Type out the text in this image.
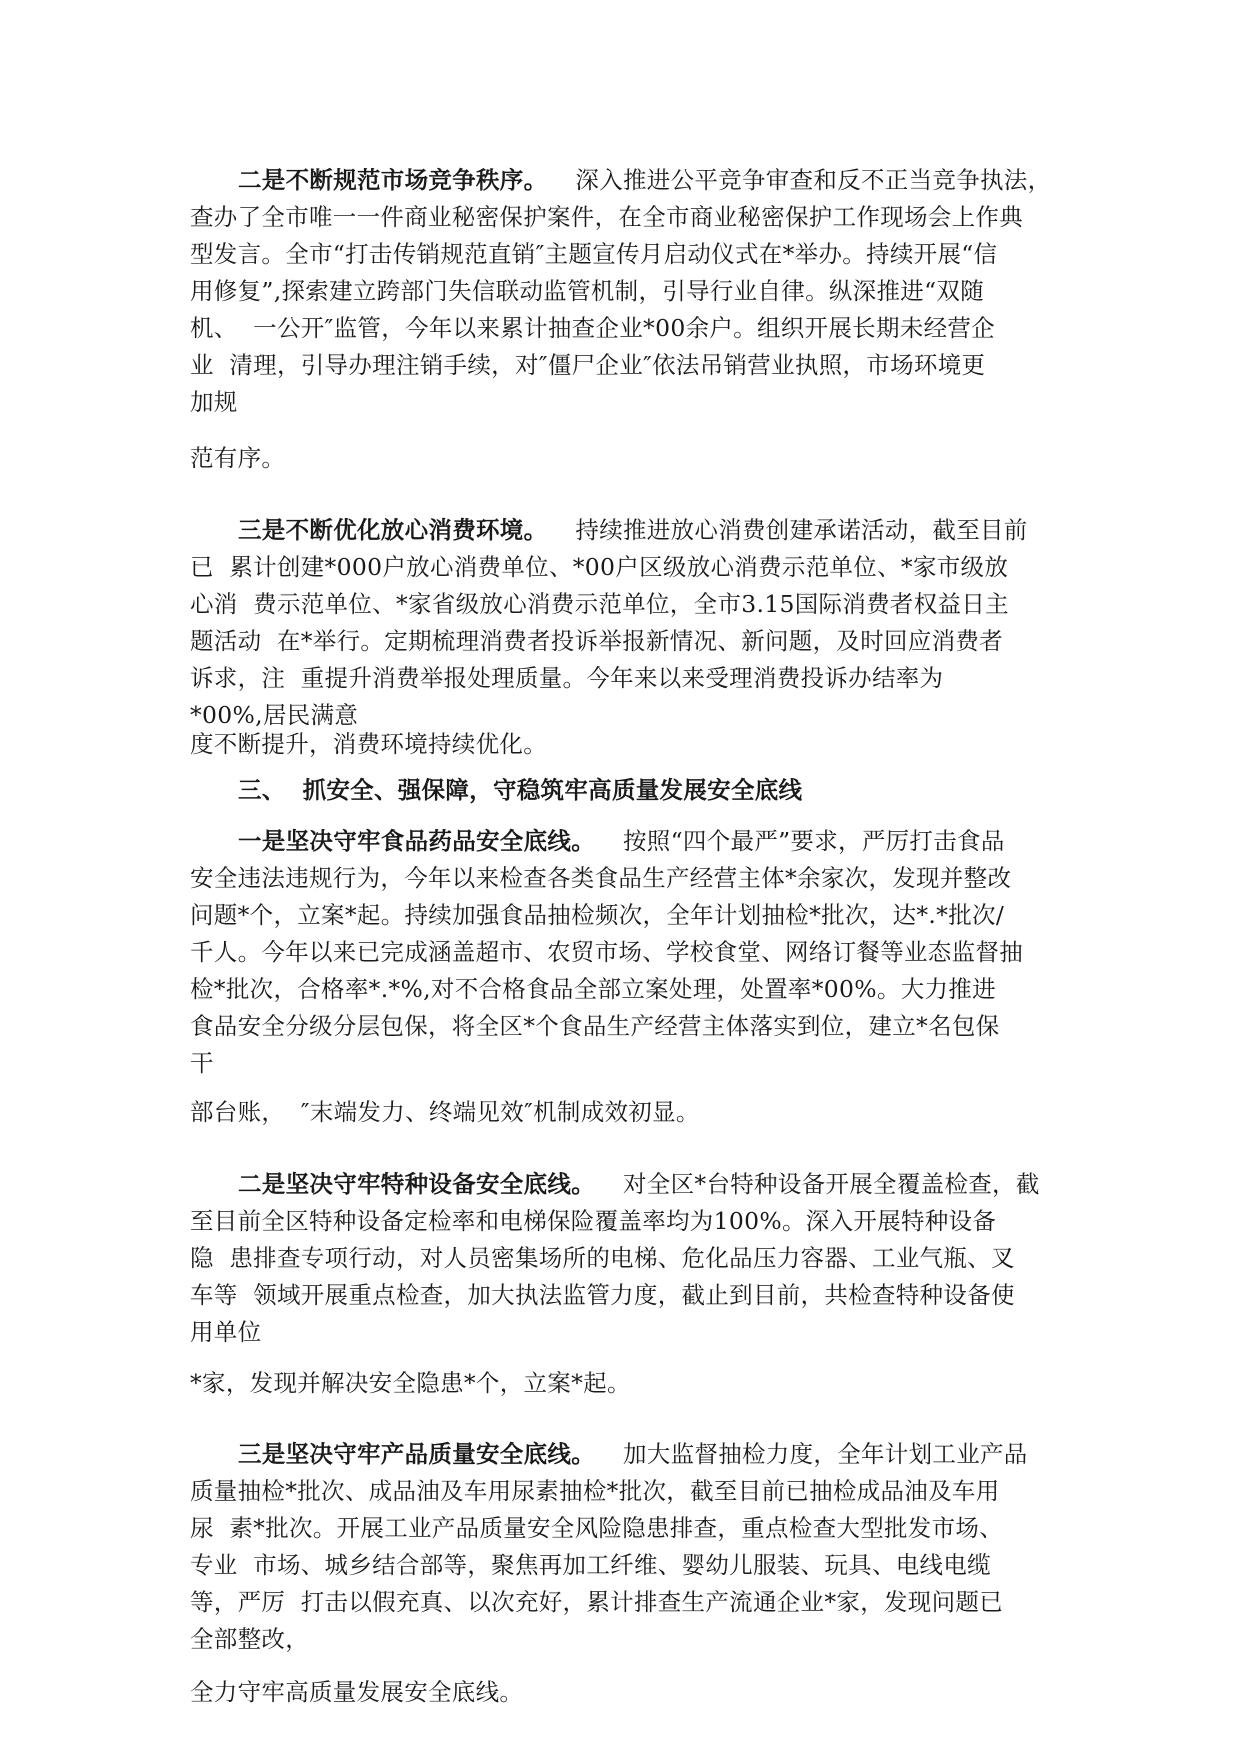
二是不断规范市场竞争秩序。 深入推进公平竞争审查和反不正当竞争执法，
查办了全市唯一一件商业秘密保护案件，在全市商业秘密保护工作现场会上作典
型发言。全市“打击传销规范直销″主题宣传月启动仪式在*举办。持续开展“信
用修复”,探索建立跨部门失信联动监管机制，引导行业自律。纵深推进“双随
机、  一公开″监管，今年以来累计抽查企业*00余户。组织开展长期未经营企
业  清理，引导办理注销手续，对″僵尸企业″依法吊销营业执照，市场环境更
加规

范有序。

三是不断优化放心消费环境。 持续推进放心消费创建承诺活动，截至目前
已  累计创建*000户放心消费单位、*00户区级放心消费示范单位、*家市级放
心消  费示范单位、*家省级放心消费示范单位，全市3.15国际消费者权益日主
题活动  在*举行。定期梳理消费者投诉举报新情况、新问题，及时回应消费者
诉求，注  重提升消费举报处理质量。今年来以来受理消费投诉办结率为
*00%,居民满意

度不断提升，消费环境持续优化。

三、  抓安全、强保障，守稳筑牢高质量发展安全底线

一是坚决守牢食品药品安全底线。 按照“四个最严”要求，严厉打击食品
安全违法违规行为，今年以来检查各类食品生产经营主体*余家次，发现并整改
问题*个，立案*起。持续加强食品抽检频次，全年计划抽检*批次，达*.*批次/
千人。今年以来已完成涵盖超市、农贸市场、学校食堂、网络订餐等业态监督抽
检*批次，合格率*.*%,对不合格食品全部立案处理，处置率*00%。大力推进
食品安全分级分层包保，将全区*个食品生产经营主体落实到位，建立*名包保
干

部台账，  ″末端发力、终端见效″机制成效初显。

二是坚决守牢特种设备安全底线。 对全区*台特种设备开展全覆盖检查，截
至目前全区特种设备定检率和电梯保险覆盖率均为100%。深入开展特种设备
隐  患排查专项行动，对人员密集场所的电梯、危化品压力容器、工业气瓶、叉
车等  领域开展重点检查，加大执法监管力度，截止到目前，共检查特种设备使
用单位

*家，发现并解决安全隐患*个，立案*起。

三是坚决守牢产品质量安全底线。 加大监督抽检力度，全年计划工业产品
质量抽检*批次、成品油及车用尿素抽检*批次，截至目前已抽检成品油及车用
尿  素*批次。开展工业产品质量安全风险隐患排查，重点检查大型批发市场、
专业  市场、城乡结合部等，聚焦再加工纤维、婴幼儿服装、玩具、电线电缆
等，严厉  打击以假充真、以次充好，累计排查生产流通企业*家，发现问题已
全部整改，

全力守牢高质量发展安全底线。
